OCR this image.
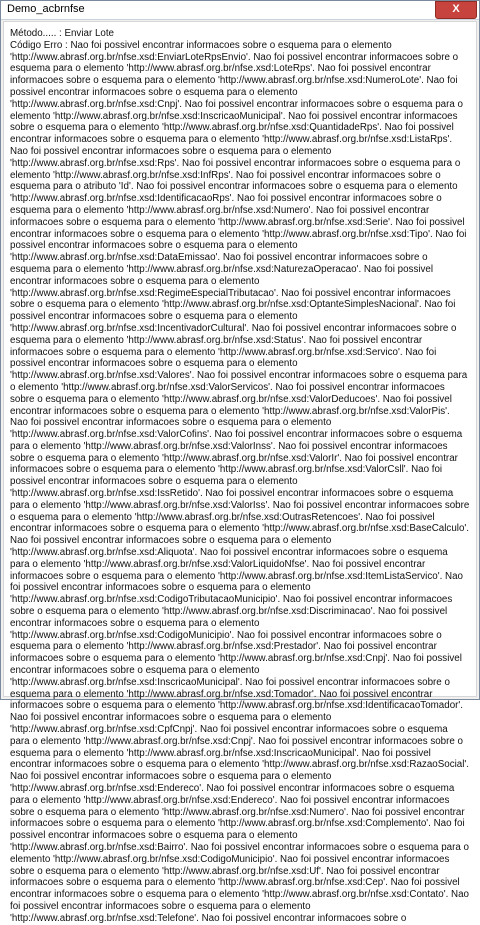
Demo_acbrnfse	X

Método..... : Enviar Lote
Código Erro : Nao foi possivel encontrar informacoes sobre o esquema para o elemento 'http://www.abrasf.org.br/nfse.xsd:EnviarLoteRpsEnvio'. Nao foi possivel encontrar informacoes sobre o esquema para o elemento 'http://www.abrasf.org.br/nfse.xsd:LoteRps'. Nao foi possivel encontrar informacoes sobre o esquema para o elemento 'http://www.abrasf.org.br/nfse.xsd:NumeroLote'. Nao foi possivel encontrar informacoes sobre o esquema para o elemento 'http://www.abrasf.org.br/nfse.xsd:Cnpj'. Nao foi possivel encontrar informacoes sobre o esquema para o elemento 'http://www.abrasf.org.br/nfse.xsd:InscricaoMunicipal'. Nao foi possivel encontrar informacoes sobre o esquema para o elemento 'http://www.abrasf.org.br/nfse.xsd:QuantidadeRps'. Nao foi possivel encontrar informacoes sobre o esquema para o elemento 'http://www.abrasf.org.br/nfse.xsd:ListaRps'. Nao foi possivel encontrar informacoes sobre o esquema para o elemento 'http://www.abrasf.org.br/nfse.xsd:Rps'. Nao foi possivel encontrar informacoes sobre o esquema para o elemento 'http://www.abrasf.org.br/nfse.xsd:InfRps'. Nao foi possivel encontrar informacoes sobre o esquema para o atributo 'Id'. Nao foi possivel encontrar informacoes sobre o esquema para o elemento 'http://www.abrasf.org.br/nfse.xsd:IdentificacaoRps'. Nao foi possivel encontrar informacoes sobre o esquema para o elemento 'http://www.abrasf.org.br/nfse.xsd:Numero'. Nao foi possivel encontrar informacoes sobre o esquema para o elemento 'http://www.abrasf.org.br/nfse.xsd:Serie'. Nao foi possivel encontrar informacoes sobre o esquema para o elemento 'http://www.abrasf.org.br/nfse.xsd:Tipo'. Nao foi possivel encontrar informacoes sobre o esquema para o elemento 'http://www.abrasf.org.br/nfse.xsd:DataEmissao'. Nao foi possivel encontrar informacoes sobre o esquema para o elemento 'http://www.abrasf.org.br/nfse.xsd:NaturezaOperacao'. Nao foi possivel encontrar informacoes sobre o esquema para o elemento 'http://www.abrasf.org.br/nfse.xsd:RegimeEspecialTributacao'. Nao foi possivel encontrar informacoes sobre o esquema para o elemento 'http://www.abrasf.org.br/nfse.xsd:OptanteSimplesNacional'. Nao foi possivel encontrar informacoes sobre o esquema para o elemento 'http://www.abrasf.org.br/nfse.xsd:IncentivadorCultural'. Nao foi possivel encontrar informacoes sobre o esquema para o elemento 'http://www.abrasf.org.br/nfse.xsd:Status'. Nao foi possivel encontrar informacoes sobre o esquema para o elemento 'http://www.abrasf.org.br/nfse.xsd:Servico'. Nao foi possivel encontrar informacoes sobre o esquema para o elemento 'http://www.abrasf.org.br/nfse.xsd:Valores'. Nao foi possivel encontrar informacoes sobre o esquema para o elemento 'http://www.abrasf.org.br/nfse.xsd:ValorServicos'. Nao foi possivel encontrar informacoes sobre o esquema para o elemento 'http://www.abrasf.org.br/nfse.xsd:ValorDeducoes'. Nao foi possivel encontrar informacoes sobre o esquema para o elemento 'http://www.abrasf.org.br/nfse.xsd:ValorPis'. Nao foi possivel encontrar informacoes sobre o esquema para o elemento 'http://www.abrasf.org.br/nfse.xsd:ValorCofins'. Nao foi possivel encontrar informacoes sobre o esquema para o elemento 'http://www.abrasf.org.br/nfse.xsd:ValorInss'. Nao foi possivel encontrar informacoes sobre o esquema para o elemento 'http://www.abrasf.org.br/nfse.xsd:ValorIr'. Nao foi possivel encontrar informacoes sobre o esquema para o elemento 'http://www.abrasf.org.br/nfse.xsd:ValorCsll'. Nao foi possivel encontrar informacoes sobre o esquema para o elemento 'http://www.abrasf.org.br/nfse.xsd:IssRetido'. Nao foi possivel encontrar informacoes sobre o esquema para o elemento 'http://www.abrasf.org.br/nfse.xsd:ValorIss'. Nao foi possivel encontrar informacoes sobre o esquema para o elemento 'http://www.abrasf.org.br/nfse.xsd:OutrasRetencoes'. Nao foi possivel encontrar informacoes sobre o esquema para o elemento 'http://www.abrasf.org.br/nfse.xsd:BaseCalculo'. Nao foi possivel encontrar informacoes sobre o esquema para o elemento 'http://www.abrasf.org.br/nfse.xsd:Aliquota'. Nao foi possivel encontrar informacoes sobre o esquema para o elemento 'http://www.abrasf.org.br/nfse.xsd:ValorLiquidoNfse'. Nao foi possivel encontrar informacoes sobre o esquema para o elemento 'http://www.abrasf.org.br/nfse.xsd:ItemListaServico'. Nao foi possivel encontrar informacoes sobre o esquema para o elemento 'http://www.abrasf.org.br/nfse.xsd:CodigoTributacaoMunicipio'. Nao foi possivel encontrar informacoes sobre o esquema para o elemento 'http://www.abrasf.org.br/nfse.xsd:Discriminacao'. Nao foi possivel encontrar informacoes sobre o esquema para o elemento 'http://www.abrasf.org.br/nfse.xsd:CodigoMunicipio'. Nao foi possivel encontrar informacoes sobre o esquema para o elemento 'http://www.abrasf.org.br/nfse.xsd:Prestador'. Nao foi possivel encontrar informacoes sobre o esquema para o elemento 'http://www.abrasf.org.br/nfse.xsd:Cnpj'. Nao foi possivel encontrar informacoes sobre o esquema para o elemento 'http://www.abrasf.org.br/nfse.xsd:InscricaoMunicipal'. Nao foi possivel encontrar informacoes sobre o esquema para o elemento 'http://www.abrasf.org.br/nfse.xsd:Tomador'. Nao foi possivel encontrar informacoes sobre o esquema para o elemento 'http://www.abrasf.org.br/nfse.xsd:IdentificacaoTomador'. Nao foi possivel encontrar informacoes sobre o esquema para o elemento 'http://www.abrasf.org.br/nfse.xsd:CpfCnpj'. Nao foi possivel encontrar informacoes sobre o esquema para o elemento 'http://www.abrasf.org.br/nfse.xsd:Cnpj'. Nao foi possivel encontrar informacoes sobre o esquema para o elemento 'http://www.abrasf.org.br/nfse.xsd:InscricaoMunicipal'. Nao foi possivel encontrar informacoes sobre o esquema para o elemento 'http://www.abrasf.org.br/nfse.xsd:RazaoSocial'. Nao foi possivel encontrar informacoes sobre o esquema para o elemento 'http://www.abrasf.org.br/nfse.xsd:Endereco'. Nao foi possivel encontrar informacoes sobre o esquema para o elemento 'http://www.abrasf.org.br/nfse.xsd:Endereco'. Nao foi possivel encontrar informacoes sobre o esquema para o elemento 'http://www.abrasf.org.br/nfse.xsd:Numero'. Nao foi possivel encontrar informacoes sobre o esquema para o elemento 'http://www.abrasf.org.br/nfse.xsd:Complemento'. Nao foi possivel encontrar informacoes sobre o esquema para o elemento 'http://www.abrasf.org.br/nfse.xsd:Bairro'. Nao foi possivel encontrar informacoes sobre o esquema para o elemento 'http://www.abrasf.org.br/nfse.xsd:CodigoMunicipio'. Nao foi possivel encontrar informacoes sobre o esquema para o elemento 'http://www.abrasf.org.br/nfse.xsd:Uf'. Nao foi possivel encontrar informacoes sobre o esquema para o elemento 'http://www.abrasf.org.br/nfse.xsd:Cep'. Nao foi possivel encontrar informacoes sobre o esquema para o elemento 'http://www.abrasf.org.br/nfse.xsd:Contato'. Nao foi possivel encontrar informacoes sobre o esquema para o elemento 'http://www.abrasf.org.br/nfse.xsd:Telefone'. Nao foi possivel encontrar informacoes sobre o
